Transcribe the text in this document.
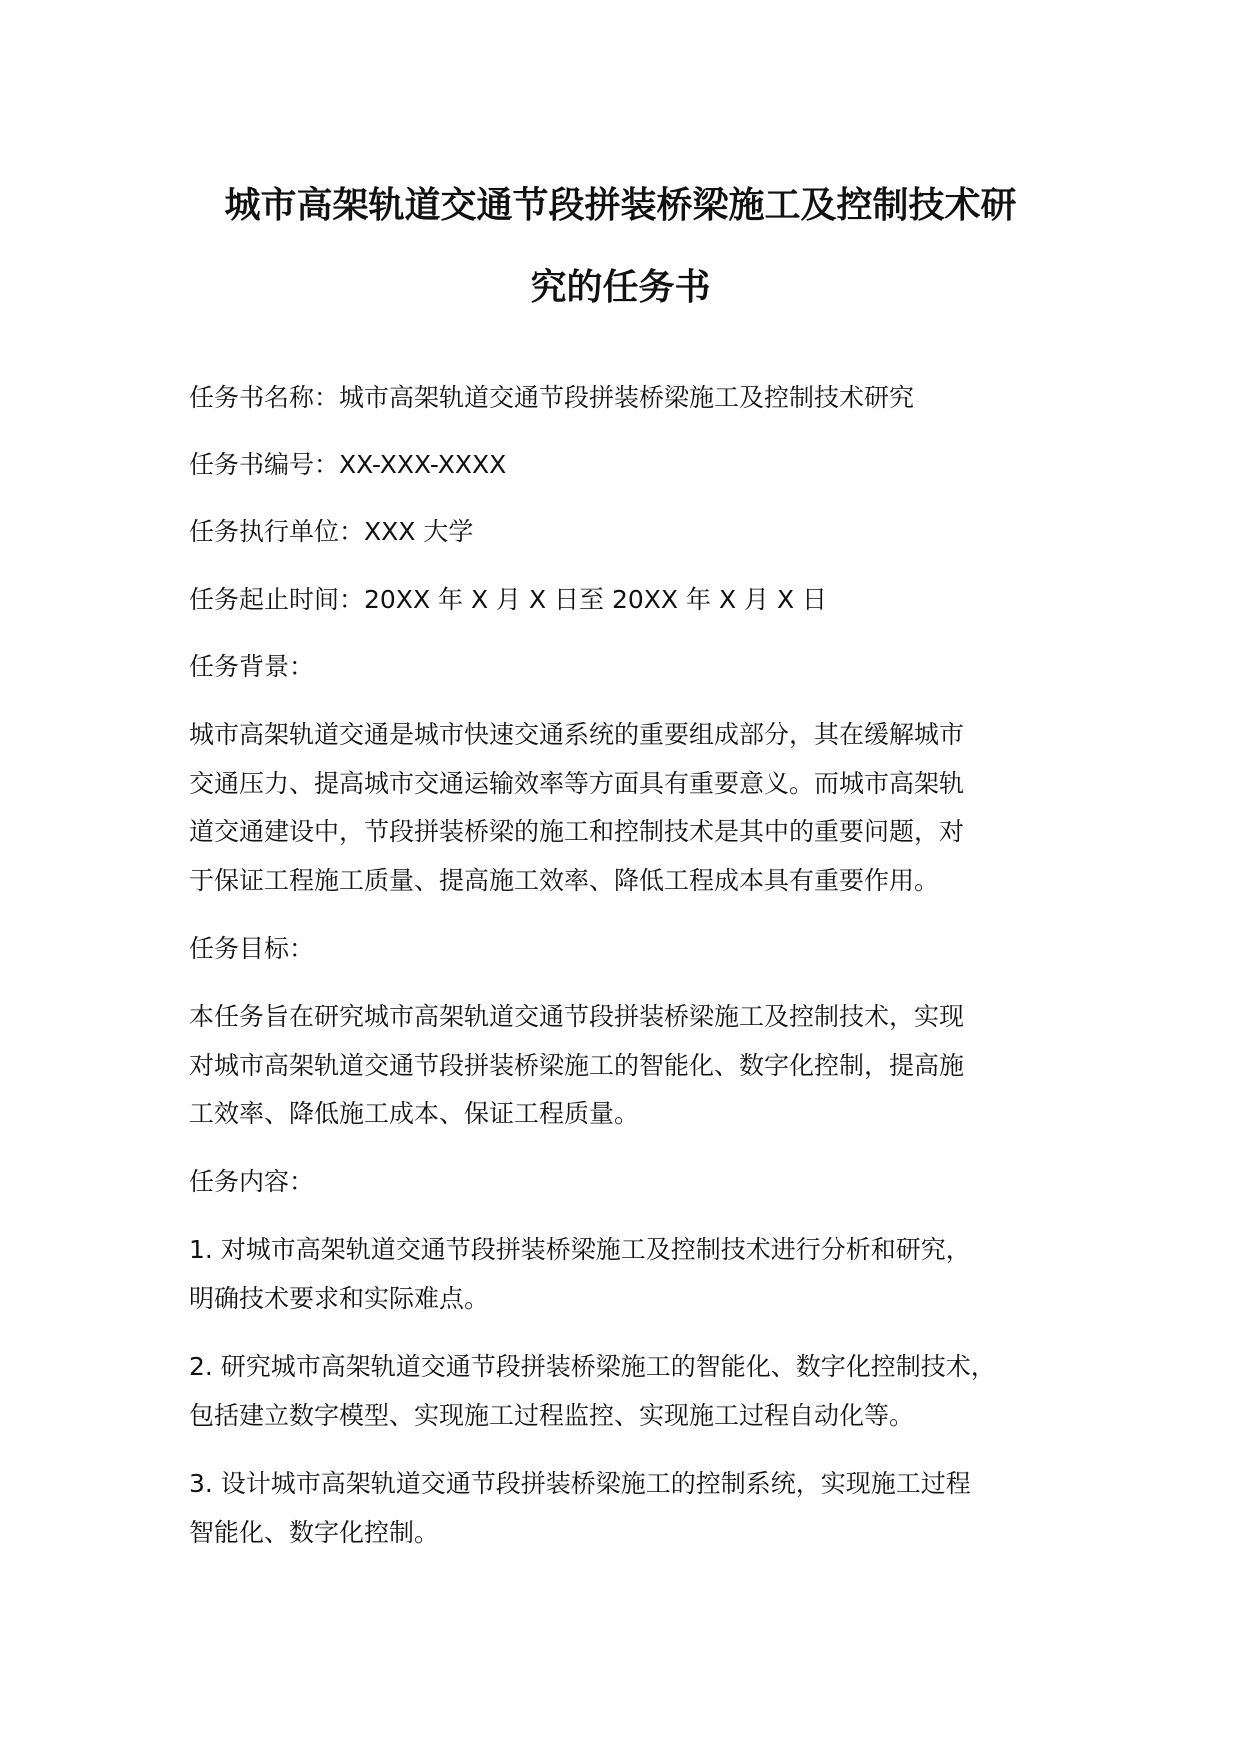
城市高架轨道交通节段拼装桥梁施工及控制技术研
究的任务书
任务书名称：城市高架轨道交通节段拼装桥梁施工及控制技术研究
任务书编号：XX-XXX-XXXX
任务执行单位：XXX 大学
任务起止时间：20XX 年 X 月 X 日至 20XX 年 X 月 X 日
任务背景：
城市高架轨道交通是城市快速交通系统的重要组成部分，其在缓解城市
交通压力、提高城市交通运输效率等方面具有重要意义。而城市高架轨
道交通建设中，节段拼装桥梁的施工和控制技术是其中的重要问题，对
于保证工程施工质量、提高施工效率、降低工程成本具有重要作用。
任务目标：
本任务旨在研究城市高架轨道交通节段拼装桥梁施工及控制技术，实现
对城市高架轨道交通节段拼装桥梁施工的智能化、数字化控制，提高施
工效率、降低施工成本、保证工程质量。
任务内容：
1. 对城市高架轨道交通节段拼装桥梁施工及控制技术进行分析和研究，
明确技术要求和实际难点。
2. 研究城市高架轨道交通节段拼装桥梁施工的智能化、数字化控制技术，
包括建立数字模型、实现施工过程监控、实现施工过程自动化等。
3. 设计城市高架轨道交通节段拼装桥梁施工的控制系统，实现施工过程
智能化、数字化控制。
